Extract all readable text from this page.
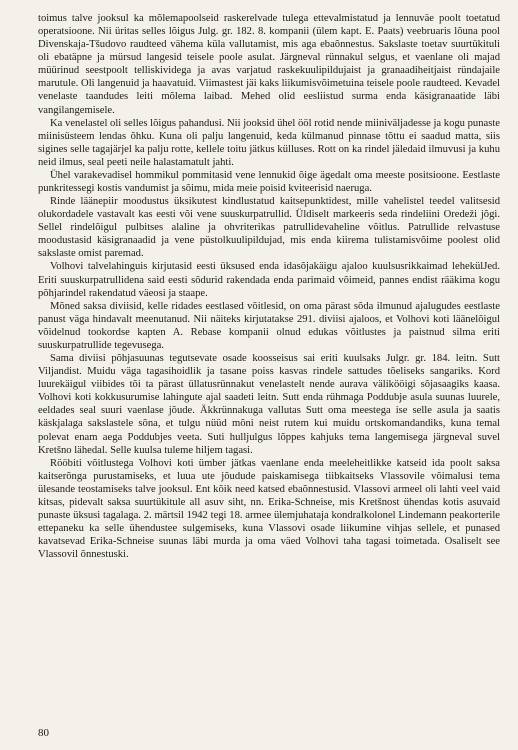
toimus talve jooksul ka mõlemapoolseid raskerelvade tulega ettevalmistatud ja lennuväe poolt toetatud operatsioone. Nii üritas selles lõigus Julg. gr. 182. 8. kompanii (ülem kapt. E. Paats) veebruaris lõuna pool Divenskaja-Tšudovo raudteed vähema küla vallutamist, mis aga ebaõnnestus. Sakslaste toetav suurtükituli oli ebatäpne ja mürsud langesid teisele poole asulat. Järgneval rünnakul selgus, et vaenlane oli majad müürinud seestpoolt telliskividega ja avas varjatud raskekuulipildujaist ja granaadiheitjaist ründajaile marutule. Oli langenuid ja haavatuid. Viimastest jäi kaks liikumisvõimetuina teisele poole raudteed. Kevadel venelaste taandudes leiti mõlema laibad. Mehed olid eesliistud surma enda käsigranaatide läbi vangilangemisele.

Ka venelastel oli selles lõigus pahandusi. Nii jooksid ühel ööl rotid nende miiniväljadesse ja kogu punaste miinisüsteem lendas õhku. Kuna oli palju langenuid, keda külmanud pinnase tõttu ei saadud matta, siis sigines selle tagajärjel ka palju rotte, kellele toitu jätkus külluses. Rott on ka rindel jäledaid ilmuvusi ja kuhu neid ilmus, seal peeti neile halastamatult jahti.

Ühel varakevadisel hommikul pommitasid vene lennukid õige ägedalt oma meeste positsioone. Eestlaste punkritessegi kostis vandumist ja sõimu, mida meie poisid kviteerisid naeruga.

Rinde läänepiir moodustus üksikutest kindlustatud kaitsepunktidest, mille vahelistel teedel valitsesid olukordadele vastavalt kas eesti või vene suuskurpatrullid. Üldiselt markeeris seda rindeliini Oredeži jõgi. Sellel rindelõigul pulbitses alaline ja ohvriterikas patrullidevaheline võitlus. Patrullide relvastuse moodustasid käsigranaadid ja vene püstolkuulipildujad, mis enda kiirema tulistamisvõime poolest olid sakslaste omist paremad.

Volhovi talvelahinguis kirjutasid eesti üksused enda idasõjakäigu ajaloo kuulsusrikkaimad lehekülJed. Eriti suuskurpatrullidena said eesti sõdurid rakendada enda parimaid võimeid, pannes endist rääkima kogu põhjarindel rakendatud väeosi ja staape.

Mõned saksa diviisid, kelle ridades eestlased võitlesid, on oma pärast sõda ilmunud ajalugudes eestlaste panust väga hindavalt meenutanud. Nii näiteks kirjutatakse 291. diviisi ajaloos, et Volhovi koti läänelõigul võidelnud tookordse kapten A. Rebase kompanii olnud edukas võitlustes ja paistnud silma eriti suuskurpatrullide tegevusega.

Sama diviisi põhjasuunas tegutsevate osade koosseisus sai eriti kuulsaks Julgr. gr. 184. leitn. Sutt Viljandist. Muidu väga tagasihoidlik ja tasane poiss kasvas rindele sattudes tõeliseks sangariks. Kord luurekäigul viibides tõi ta pärast üllatusrünnakut venelastelt nende aurava välikööigi sõjasaagiks kaasa. Volhovi koti kokkusurumise lahingute ajal saadeti leitn. Sutt enda rühmaga Poddubje asula suunas luurele, eeldades seal suuri vaenlase jõude. Äkkrünnakuga vallutas Sutt oma meestega ise selle asula ja saatis käskjalaga sakslastele sõna, et tulgu nüüd mõni neist rutem kui muidu ortskomandandiks, kuna temal polevat enam aega Poddubjes veeta. Suti hulljulgus lõppes kahjuks tema langemisega järgneval suvel Kretšno lähedal. Selle kuulsa tuleme hiljem tagasi.

Rööbiti võitlustega Volhovi koti ümber jätkas vaenlane enda meeleheitlikke katseid ida poolt saksa kaitserõnga purustamiseks, et luua ute jõudude paiskamisega tiibkaitseks Vlassovile võimalusi tema ülesande teostamiseks talve jooksul. Ent kõik need katsed ebaõnnestusid. Vlassovi armeel oli lahti veel vaid kitsas, pidevalt saksa suurtükitule all asuv siht, nn. Erika-Schneise, mis Kretšnost ühendas kotis asuvaid punaste üksusi tagalaga. 2. märtsil 1942 tegi 18. armee ülemjuhataja kondralkolonel Lindemann peakorterile ettepaneku ka selle ühendustee sulgemiseks, kuna Vlassovi osade liikumine vihjas sellele, et punased kavatsevad Erika-Schneise suunas läbi murda ja oma väed Volhovi taha tagasi toimetada. Osaliselt see Vlassovil õnnestuski.

80
